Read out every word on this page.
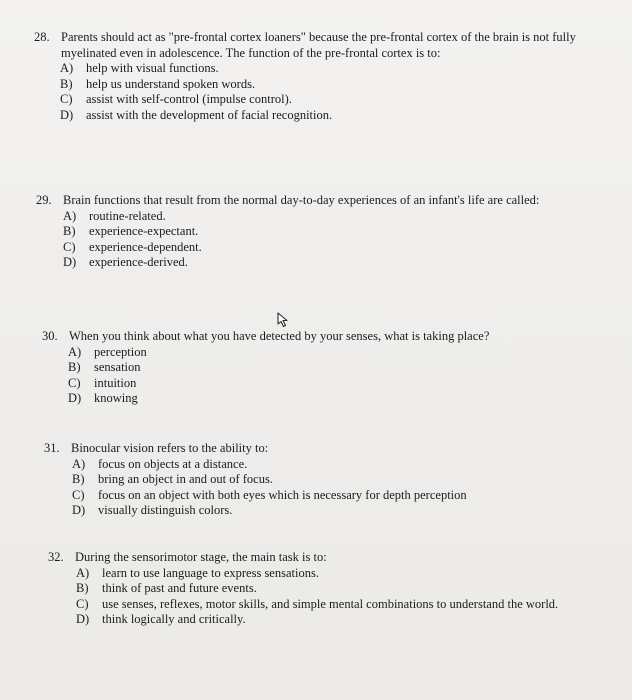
28. Parents should act as "pre-frontal cortex loaners" because the pre-frontal cortex of the brain is not fully myelinated even in adolescence. The function of the pre-frontal cortex is to:
A)	help with visual functions.
B)	help us understand spoken words.
C)	assist with self-control (impulse control).
D)	assist with the development of facial recognition.
29. Brain functions that result from the normal day-to-day experiences of an infant's life are called:
A)	routine-related.
B)	experience-expectant.
C)	experience-dependent.
D)	experience-derived.
30. When you think about what you have detected by your senses, what is taking place?
A)	perception
B)	sensation
C)	intuition
D)	knowing
31. Binocular vision refers to the ability to:
A)	focus on objects at a distance.
B)	bring an object in and out of focus.
C)	focus on an object with both eyes which is necessary for depth perception
D)	visually distinguish colors.
32. During the sensorimotor stage, the main task is to:
A)	learn to use language to express sensations.
B)	think of past and future events.
C)	use senses, reflexes, motor skills, and simple mental combinations to understand the world.
D)	think logically and critically.
